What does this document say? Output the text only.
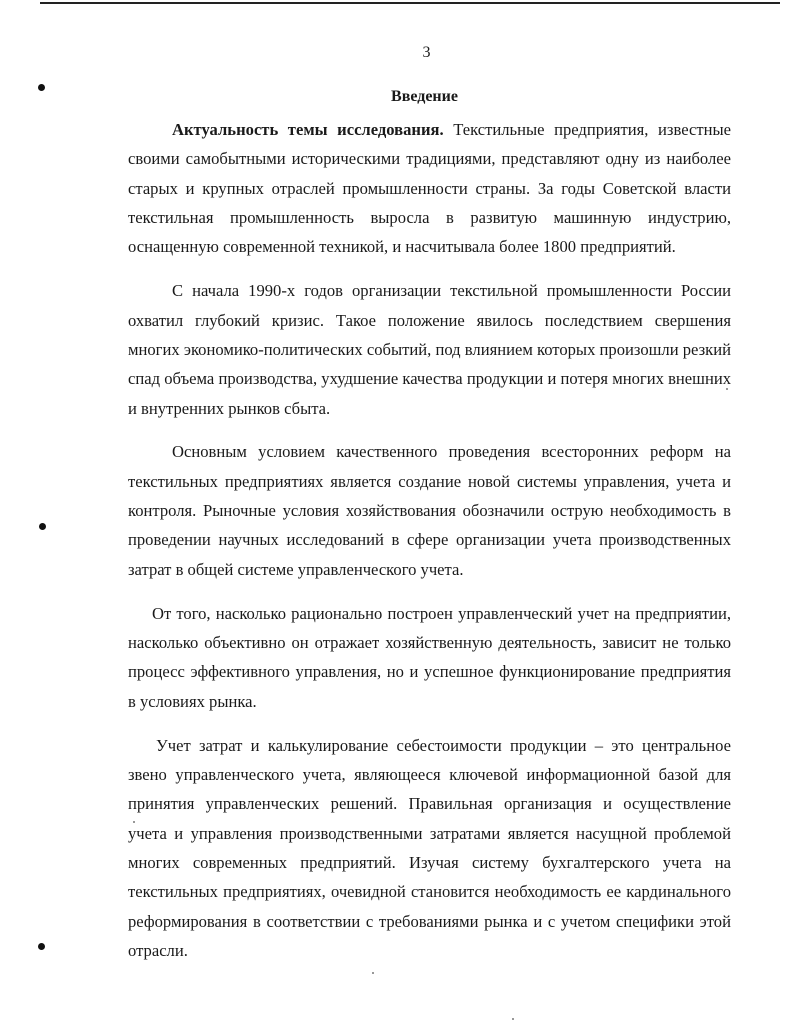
3
Введение

Актуальность темы исследования. Текстильные предприятия, известные своими самобытными историческими традициями, представляют одну из наиболее старых и крупных отраслей промышленности страны. За годы Советской власти текстильная промышленность выросла в развитую машинную индустрию, оснащенную современной техникой, и насчитывала более 1800 предприятий.

С начала 1990-х годов организации текстильной промышленности России охватил глубокий кризис. Такое положение явилось последствием свершения многих экономико-политических событий, под влиянием которых произошли резкий спад объема производства, ухудшение качества продукции и потеря многих внешних и внутренних рынков сбыта.

Основным условием качественного проведения всесторонних реформ на текстильных предприятиях является создание новой системы управления, учета и контроля. Рыночные условия хозяйствования обозначили острую необходимость в проведении научных исследований в сфере организации учета производственных затрат в общей системе управленческого учета.

От того, насколько рационально построен управленческий учет на предприятии, насколько объективно он отражает хозяйственную деятельность, зависит не только процесс эффективного управления, но и успешное функционирование предприятия в условиях рынка.

Учет затрат и калькулирование себестоимости продукции – это центральное звено управленческого учета, являющееся ключевой информационной базой для принятия управленческих решений. Правильная организация и осуществление учета и управления производственными затратами является насущной проблемой многих современных предприятий. Изучая систему бухгалтерского учета на текстильных предприятиях, очевидной становится необходимость ее кардинального реформирования в соответствии с требованиями рынка и с учетом специфики этой отрасли.
